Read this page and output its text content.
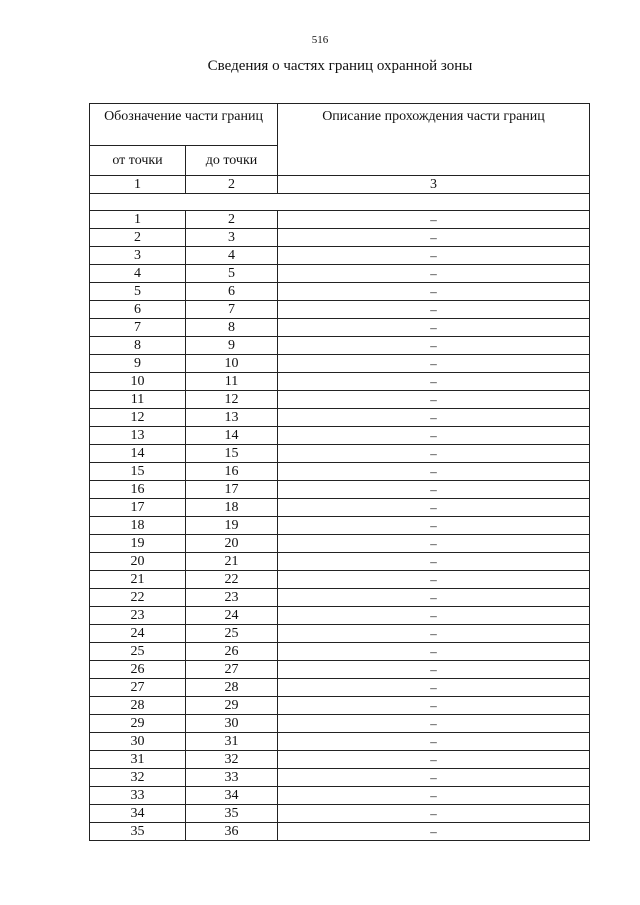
516
Сведения о частях границ охранной зоны
Обозначение части границ		Описание прохождения части границ
от точки	до точки	
1	2	3

1	2	–
2	3	–
3	4	–
4	5	–
5	6	–
6	7	–
7	8	–
8	9	–
9	10	–
10	11	–
11	12	–
12	13	–
13	14	–
14	15	–
15	16	–
16	17	–
17	18	–
18	19	–
19	20	–
20	21	–
21	22	–
22	23	–
23	24	–
24	25	–
25	26	–
26	27	–
27	28	–
28	29	–
29	30	–
30	31	–
31	32	–
32	33	–
33	34	–
34	35	–
35	36	–
